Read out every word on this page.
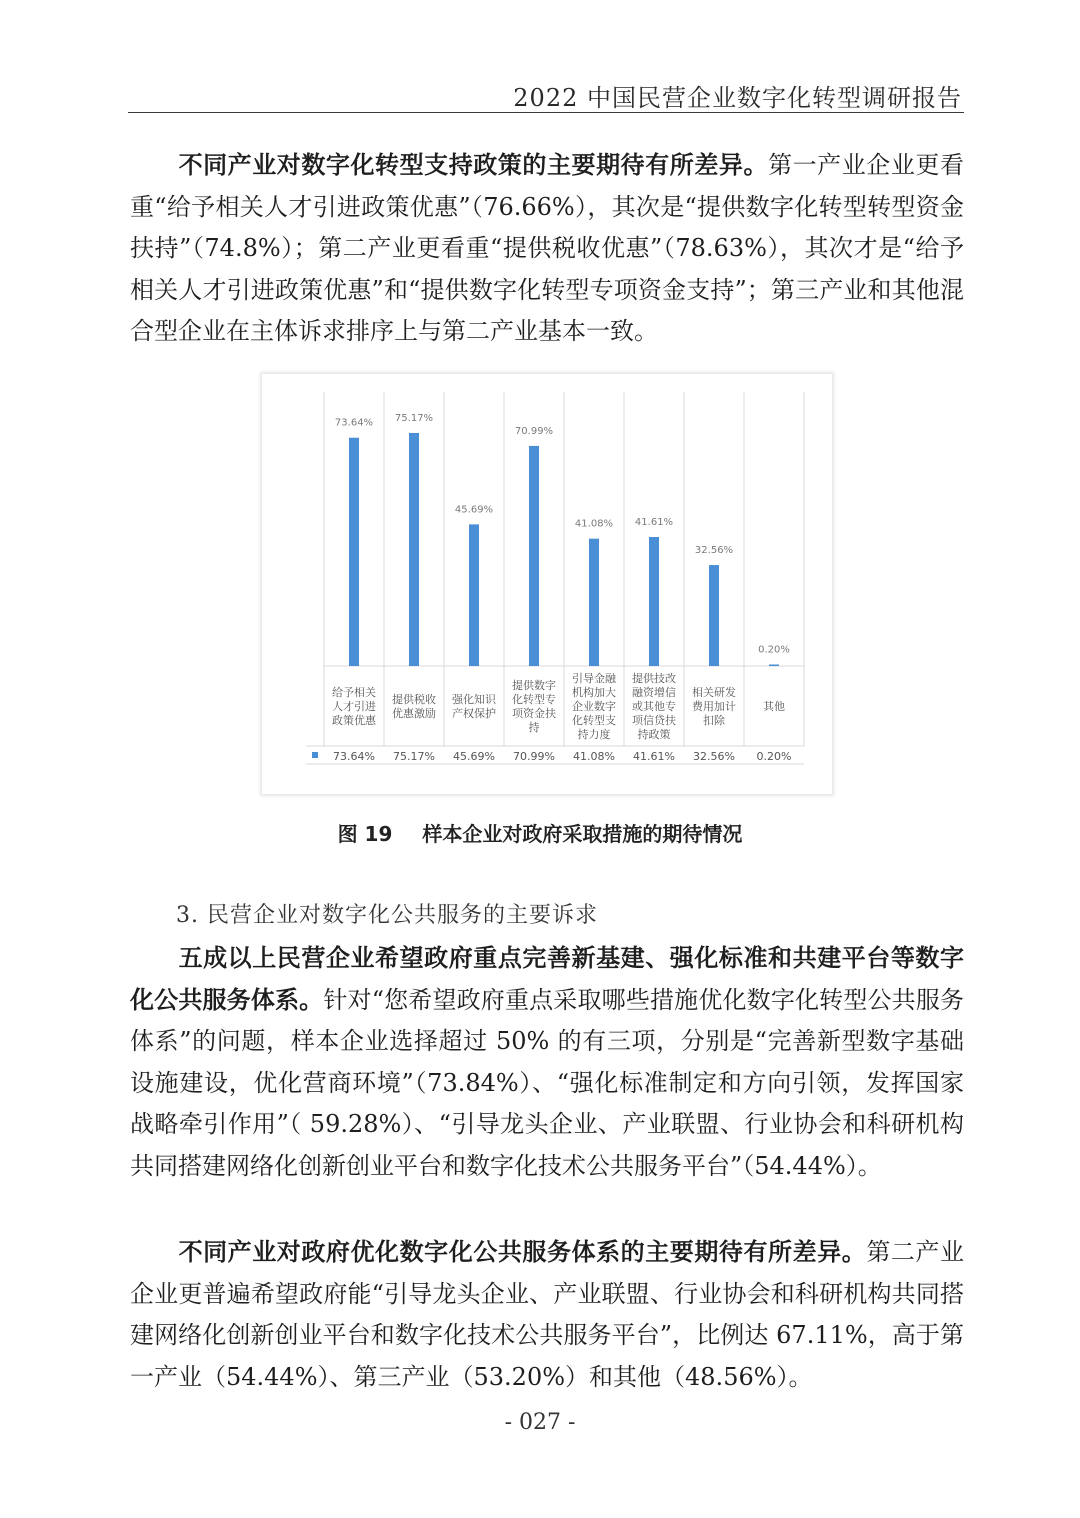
2022 中国民营企业数字化转型调研报告
不同产业对数字化转型支持政策的主要期待有所差异。第一产业企业更看重“给予相关人才引进政策优惠”（76.66%），其次是“提供数字化转型转型资金扶持”（74.8%）；第二产业更看重“提供税收优惠”（78.63%），其次才是“给予相关人才引进政策优惠”和“提供数字化转型专项资金支持”；第三产业和其他混合型企业在主体诉求排序上与第二产业基本一致。
73.64%
给予相关
人才引进
政策优惠
73.64%
75.17%
提供税收
优惠激励
75.17%
45.69%
强化知识
产权保护
45.69%
70.99%
提供数字
化转型专
项资金扶
持
70.99%
41.08%
引导金融
机构加大
企业数字
化转型支
持力度
41.08%
41.61%
提供技改
融资增信
或其他专
项信贷扶
持政策
41.61%
32.56%
相关研发
费用加计
扣除
32.56%
0.20%
其他
0.20%
图 19 样本企业对政府采取措施的期待情况
3. 民营企业对数字化公共服务的主要诉求
五成以上民营企业希望政府重点完善新基建、强化标准和共建平台等数字化公共服务体系。针对“您希望政府重点采取哪些措施优化数字化转型公共服务体系”的问题，样本企业选择超过 50% 的有三项，分别是“完善新型数字基础设施建设，优化营商环境”（73.84%）、“强化标准制定和方向引领，发挥国家战略牵引作用”（ 59.28%）、“引导龙头企业、产业联盟、行业协会和科研机构共同搭建网络化创新创业平台和数字化技术公共服务平台”（54.44%）。
不同产业对政府优化数字化公共服务体系的主要期待有所差异。第二产业企业更普遍希望政府能“引导龙头企业、产业联盟、行业协会和科研机构共同搭建网络化创新创业平台和数字化技术公共服务平台”，比例达 67.11%，高于第一产业（54.44%）、第三产业（53.20%）和其他（48.56%）。
- 027 -
